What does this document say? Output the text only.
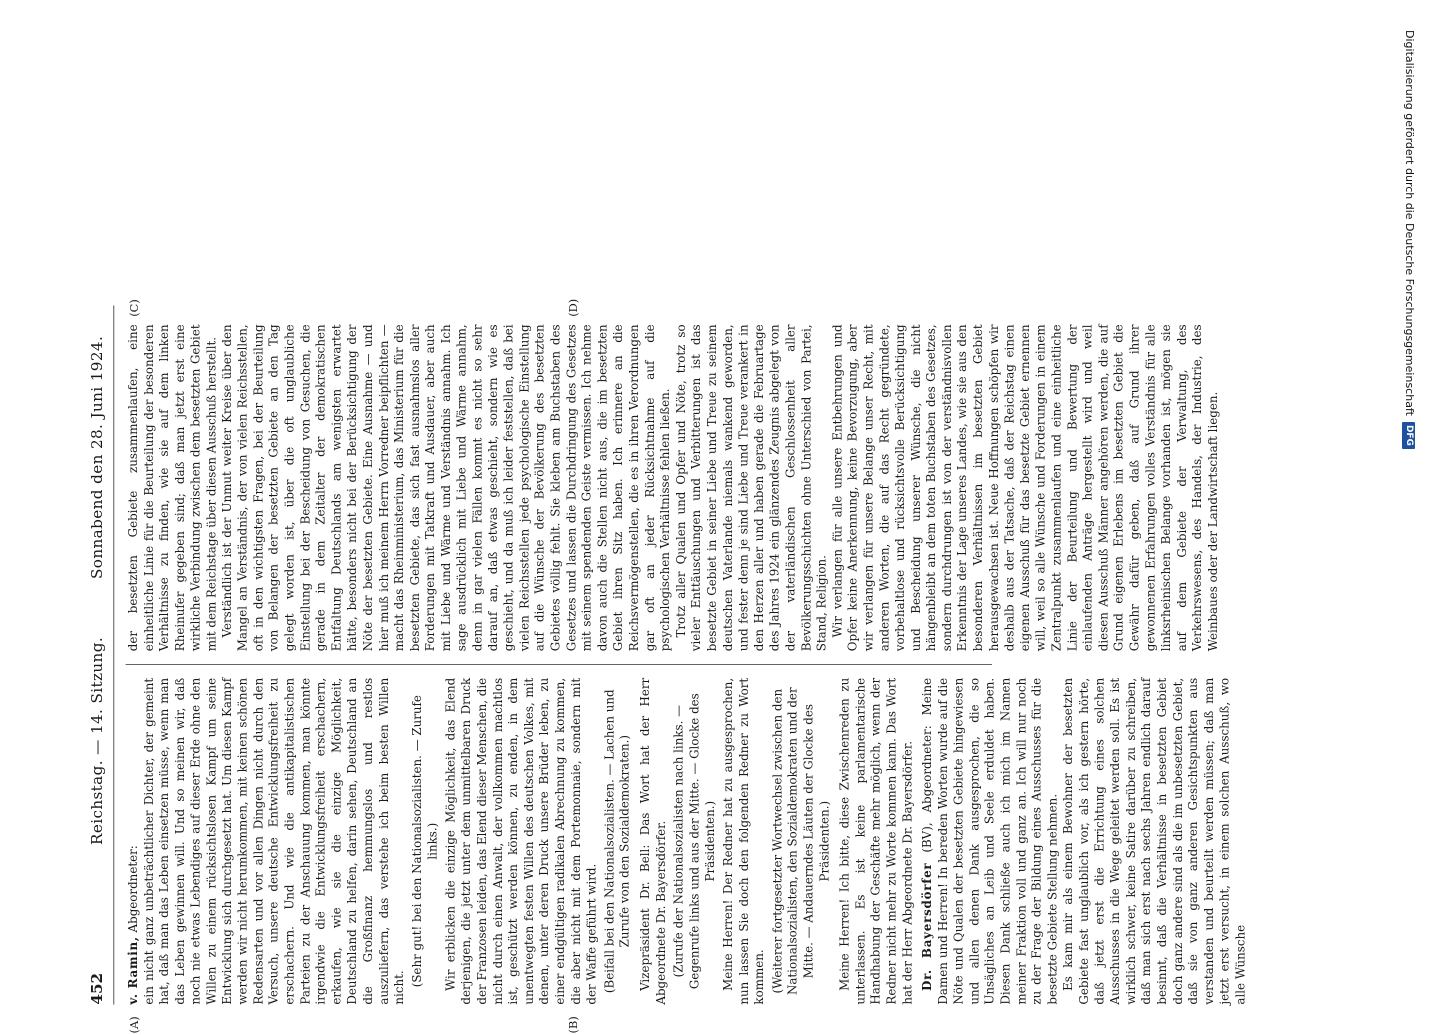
452
Reichstag. — 14. Sitzung.
Sonnabend den 28. Juni 1924.
(A)	(B)
(C)	(D)

v. Ramin, Abgeordneter: ein nicht ganz unbeträchtlicher Dichter, der gemeint hat, daß man das Leben einsetzen müsse, wenn man das Leben gewinnen will. Und so meinen wir, daß noch nie etwas Lebendiges auf dieser Erde ohne den Willen zu einem rücksichtslosen Kampf um seine Entwicklung sich durchgesetzt hat. Um diesen Kampf werden wir nicht herumkommen, mit keinen schönen Redensarten und vor allen Dingen nicht durch den Versuch, unsere deutsche Entwicklungsfreiheit zu erschachern. Und wie die antikapitalistischen Parteien zu der Anschauung kommen, man könnte irgendwie die Entwicklungsfreiheit erschachern, erkaufen, wie sie die einzige Möglichkeit, Deutschland zu helfen, darin sehen, Deutschland an die Großfinanz hemmungslos und restlos auszuliefern, das verstehe ich beim besten Willen nicht.

(Sehr gut! bei den Nationalsozialisten. — Zurufe links.) Wir erblicken die einzige Möglichkeit, das Elend derjenigen, die jetzt unter dem unmittelbaren Druck der Franzosen leiden, das Elend dieser Menschen, die nicht durch einen Anwalt, der vollkommen machtlos ist, geschützt werden können, zu enden, in dem unentwegten festen Willen des deutschen Volkes, mit denen, unter deren Druck unsere Brüder leben, zu einer endgültigen radikalen Abrechnung zu kommen, die aber nicht mit dem Portemonnaie, sondern mit der Waffe geführt wird. (Beifall bei den Nationalsozialisten. — Lachen und Zurufe von den Sozialdemokraten.) Vizepräsident Dr. Bell: Das Wort hat der Herr Abgeordnete Dr. Bayersdörfer. (Zurufe der Nationalsozialisten nach links. — Gegenrufe links und aus der Mitte. — Glocke des Präsidenten.) Meine Herren! Der Redner hat zu ausgesprochen, nun lassen Sie doch den folgenden Redner zu Wort kommen. (Weiterer fortgesetzter Wortwechsel zwischen den Nationalsozialisten, den Sozialdemokraten und der Mitte. — Andauerndes Läuten der Glocke des Präsidenten.) Meine Herren! Ich bitte, diese Zwischenreden zu unterlassen. Es ist keine parlamentarische Handhabung der Geschäfte mehr möglich, wenn der Redner nicht mehr zu Worte kommen kann. Das Wort hat der Herr Abgeordnete Dr. Bayersdörfer. Dr. Bayersdörfer (BV), Abgeordneter: Meine Damen und Herren! In bereden Worten wurde auf die Nöte und Qualen der besetzten Gebiete hingewiesen und allen denen Dank ausgesprochen, die so Unsägliches an Leib und Seele erduldet haben. Diesen Dank schließe auch ich mich im Namen meiner Fraktion voll und ganz an. Ich will nur noch zu der Frage der Bildung eines Ausschusses für die besetzte Gebiete Stellung nehmen. Es kam mir als einem Bewohner der besetzten Gebiete fast unglaublich vor, als ich gestern hörte, daß jetzt erst die Errichtung eines solchen Ausschusses in die Wege geleitet werden soll. Es ist wirklich schwer, keine Satire darüber zu schreiben, daß man sich erst nach sechs Jahren endlich darauf besinnt, daß die Verhältnisse in besetzten Gebiet doch ganz andere sind als die im unbesetzten Gebiet, daß sie von ganz anderen Gesichtspunkten aus verstanden und beurteilt werden müssen; daß man jetzt erst versucht, in einem solchen Ausschuß, wo alle Wünsche

der besetzten Gebiete zusammenlaufen, eine einheitliche Linie für die Beurteilung der besonderen Verhältnisse zu finden, wie sie auf dem linken Rheinufer gegeben sind; daß man jetzt erst eine wirkliche Verbindung zwischen dem besetzten Gebiet mit dem Reichstage über diesen Ausschuß herstellt. Verständlich ist der Unmut weiter Kreise über den Mangel an Verständnis, der von vielen Reichsstellen, oft in den wichtigsten Fragen, bei der Beurteilung von Belangen der besetzten Gebiete an den Tag gelegt worden ist, über die oft unglaubliche Einstellung bei der Bescheidung von Gesuchen, die gerade in dem Zeitalter der demokratischen Entfaltung Deutschlands am wenigsten erwartet hätte, besonders nicht bei der Berücksichtigung der Nöte der besetzten Gebiete. Eine Ausnahme — und hier muß ich meinem Herrn Vorredner beipflichten — macht das Rheinministerium, das Ministerium für die besetzten Gebiete, das sich fast ausnahmslos aller Forderungen mit Tatkraft und Ausdauer, aber auch mit Liebe und Wärme und Verständnis annahm. Ich sage ausdrücklich mit Liebe und Wärme annahm, denn in gar vielen Fällen kommt es nicht so sehr darauf an, daß etwas geschieht, sondern wie es geschieht, und da muß ich leider feststellen, daß bei vielen Reichsstellen jede psychologische Einstellung auf die Wünsche der Bevölkerung des besetzten Gebietes völlig fehlt. Sie kleben am Buchstaben des Gesetzes und lassen die Durchdringung des Gesetzes mit seinem spendenden Geiste vermissen. Ich nehme davon auch die Stellen nicht aus, die im besetzten Gebiet ihren Sitz haben. Ich erinnere an die Reichsvermögenstellen, die es in ihren Verordnungen gar oft an jeder Rücksichtnahme auf die psychologischen Verhältnisse fehlen ließen. Trotz aller Qualen und Opfer und Nöte, trotz so vieler Enttäuschungen und Verbitterungen ist das besetzte Gebiet in seiner Liebe und Treue zu seinem deutschen Vaterlande niemals wankend geworden, und fester denn je sind Liebe und Treue verankert in den Herzen aller und haben gerade die Februartage des Jahres 1924 ein glänzendes Zeugnis abgelegt von der vaterländischen Geschlossenheit aller Bevölkerungsschichten ohne Unterschied von Partei, Stand, Religion. Wir verlangen für alle unsere Entbehrungen und Opfer keine Anerkennung, keine Bevorzugung, aber wir verlangen für unsere Belange unser Recht, mit anderen Worten, die auf das Recht gegründete, vorbehaltlose und rücksichtsvolle Berücksichtigung und Bescheidung unserer Wünsche, die nicht hängenbleibt an dem toten Buchstaben des Gesetzes, sondern durchdrungen ist von der verständnisvollen Erkenntnis der Lage unseres Landes, wie sie aus den besonderen Verhältnissen im besetzten Gebiet herausgewachsen ist. Neue Hoffnungen schöpfen wir deshalb aus der Tatsache, daß der Reichstag einen eigenen Ausschuß für das besetzte Gebiet ernennen will, weil so alle Wünsche und Forderungen in einem Zentralpunkt zusammenlaufen und eine einheitliche Linie der Beurteilung und Bewertung der einlaufenden Anträge hergestellt wird und weil diesen Ausschuß Männer angehören werden, die auf Grund eigenen Erlebens im besetzten Gebiet die Gewähr dafür geben, daß auf Grund ihrer gewonnenen Erfahrungen volles Verständnis für alle linksrheinischen Belange vorhanden ist, mögen sie auf dem Gebiete der Verwaltung, des Verkehrswesens, des Handels, der Industrie, des Weinbaues oder der Landwirtschaft liegen.

Digitalisierung gefördert durch die Deutsche Forschungsgemeinschaft
DFG
